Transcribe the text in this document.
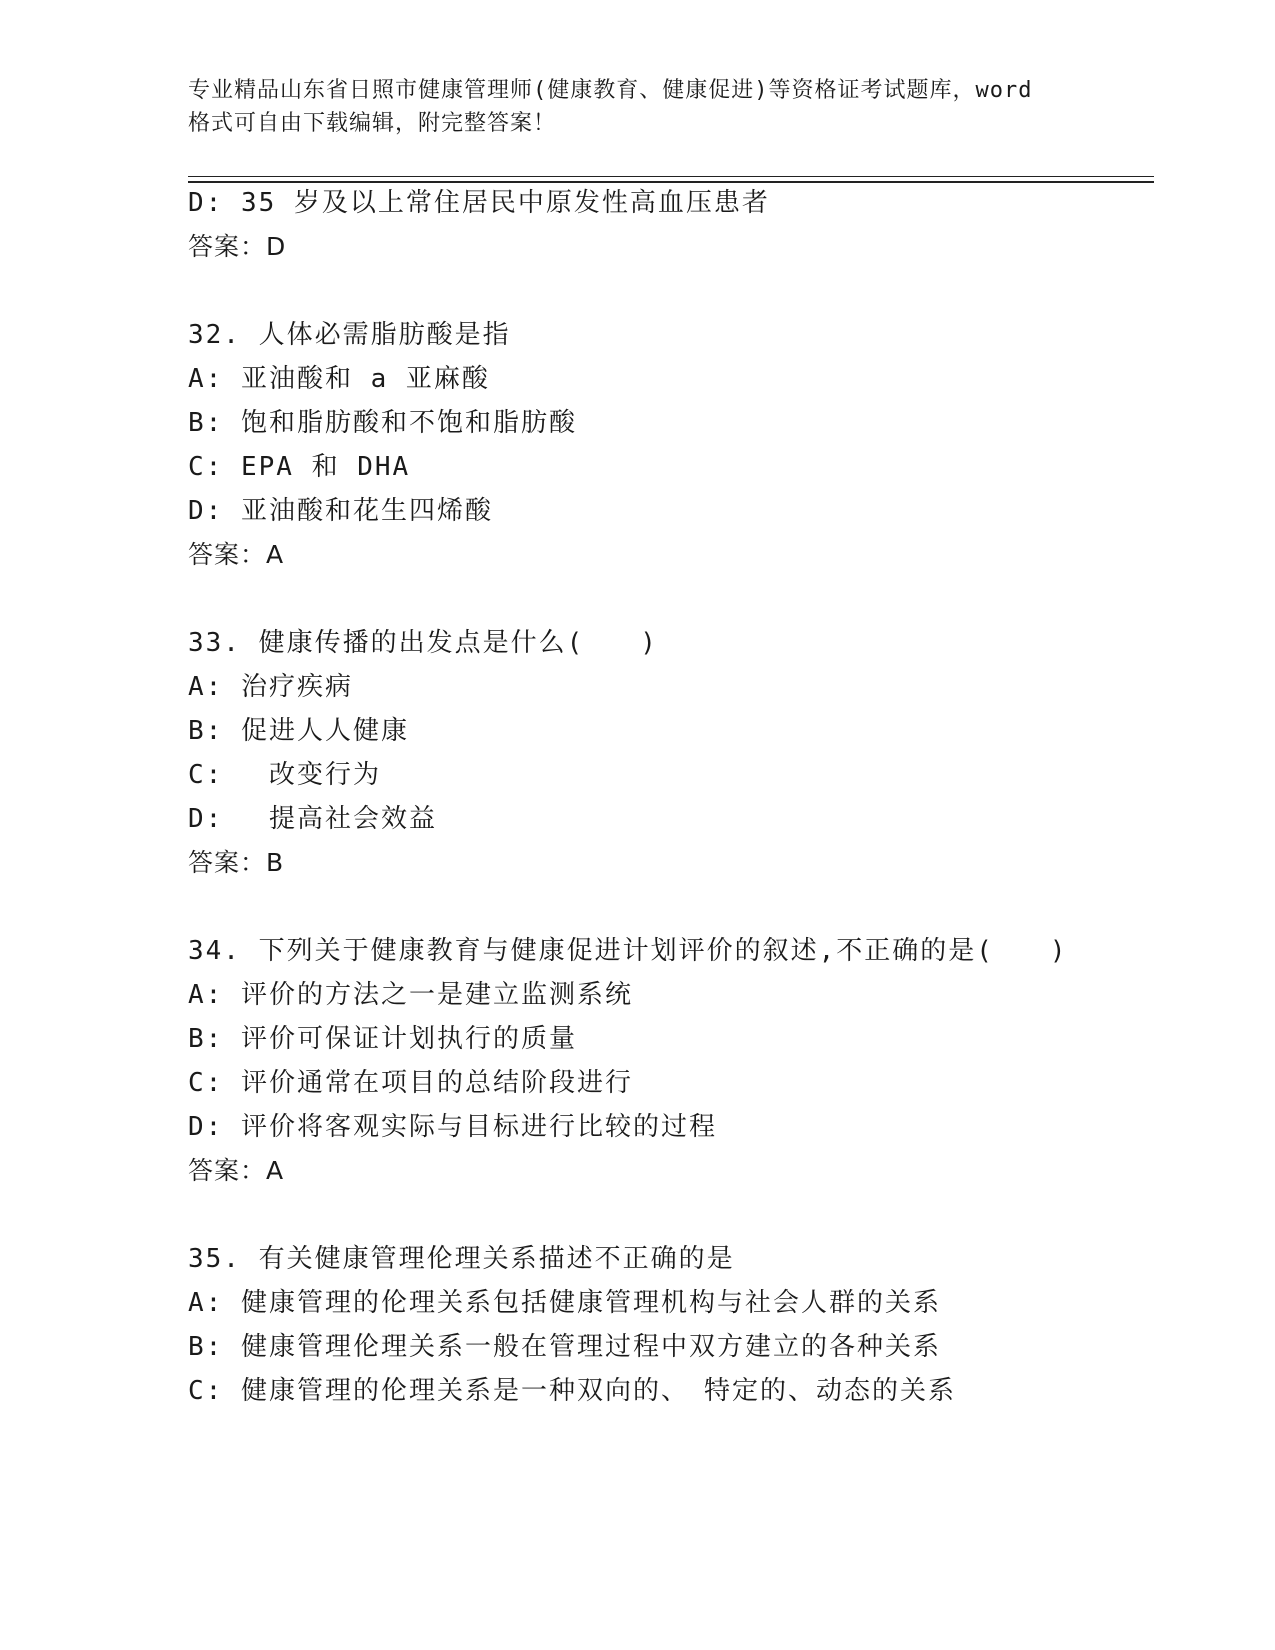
专业精品山东省日照市健康管理师(健康教育、健康促进)等资格证考试题库，word
格式可自由下载编辑，附完整答案！
D: 35 岁及以上常住居民中原发性高血压患者
答案：D
32. 人体必需脂肪酸是指
A: 亚油酸和 a 亚麻酸
B: 饱和脂肪酸和不饱和脂肪酸
C: EPA 和 DHA
D: 亚油酸和花生四烯酸
答案：A
33. 健康传播的出发点是什么(　　)
A: 治疗疾病
B: 促进人人健康
C: 　改变行为
D: 　提高社会效益
答案：B
34. 下列关于健康教育与健康促进计划评价的叙述,不正确的是(　　)
A: 评价的方法之一是建立监测系统
B: 评价可保证计划执行的质量
C: 评价通常在项目的总结阶段进行
D: 评价将客观实际与目标进行比较的过程
答案：A
35. 有关健康管理伦理关系描述不正确的是
A: 健康管理的伦理关系包括健康管理机构与社会人群的关系
B: 健康管理伦理关系一般在管理过程中双方建立的各种关系
C: 健康管理的伦理关系是一种双向的、　特定的、动态的关系
